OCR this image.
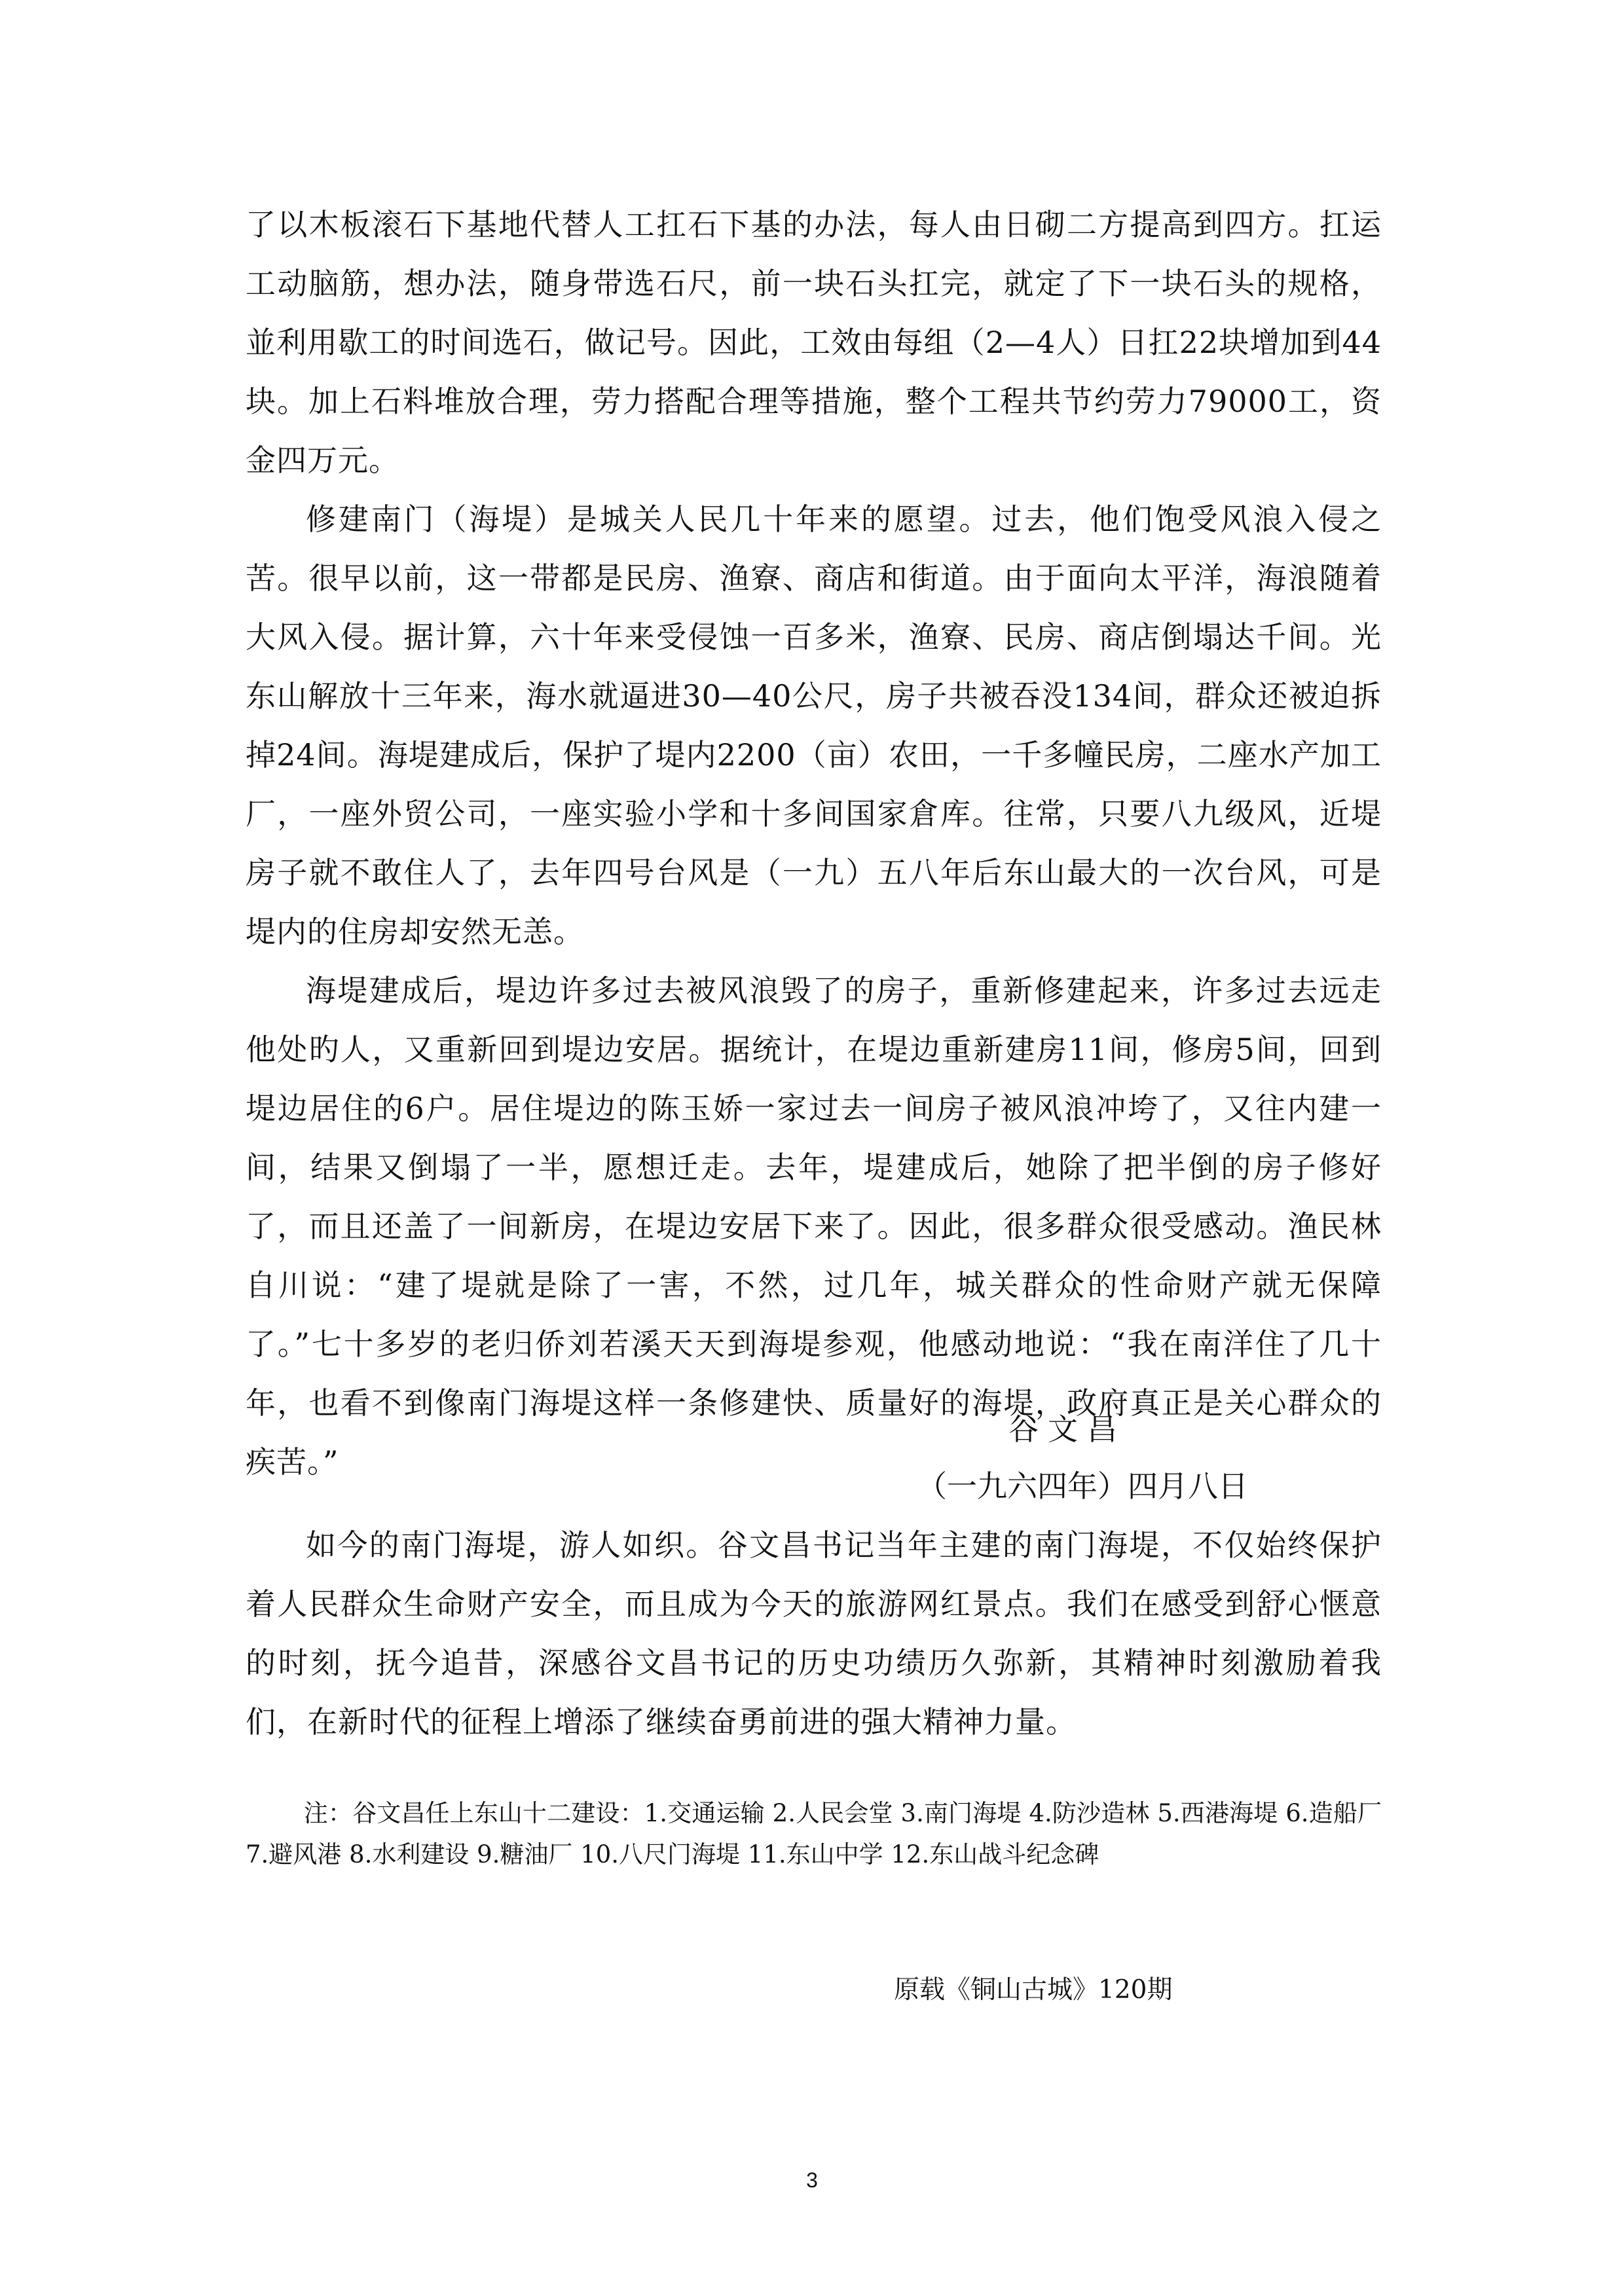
了以木板滚石下基地代替人工扛石下基的办法，每人由日砌二方提高到四方。扛运工动脑筋，想办法，随身带选石尺，前一块石头扛完，就定了下一块石头的规格，並利用歇工的时间选石，做记号。因此，工效由每组（2—4人）日扛22块增加到44块。加上石料堆放合理，劳力搭配合理等措施，整个工程共节约劳力79000工，资金四万元。

修建南门（海堤）是城关人民几十年来的愿望。过去，他们饱受风浪入侵之苦。很早以前，这一带都是民房、渔寮、商店和街道。由于面向太平洋，海浪随着大风入侵。据计算，六十年来受侵蚀一百多米，渔寮、民房、商店倒塌达千间。光东山解放十三年来，海水就逼进30—40公尺，房子共被吞没134间，群众还被迫拆掉24间。海堤建成后，保护了堤内2200（亩）农田，一千多幢民房，二座水产加工厂，一座外贸公司，一座实验小学和十多间国家倉库。往常，只要八九级风，近堤房子就不敢住人了，去年四号台风是（一九）五八年后东山最大的一次台风，可是堤内的住房却安然无恙。

海堤建成后，堤边许多过去被风浪毁了的房子，重新修建起来，许多过去远走他处旳人，又重新回到堤边安居。据统计，在堤边重新建房11间，修房5间，回到堤边居住的6户。居住堤边的陈玉娇一家过去一间房子被风浪冲垮了，又往内建一间，结果又倒塌了一半，愿想迁走。去年，堤建成后，她除了把半倒的房子修好了，而且还盖了一间新房，在堤边安居下来了。因此，很多群众很受感动。渔民林自川说：“建了堤就是除了一害，不然，过几年，城关群众的性命财产就无保障了。”七十多岁的老归侨刘若溪天天到海堤参观，他感动地说：“我在南洋住了几十年，也看不到像南门海堤这样一条修建快、质量好的海堤，政府真正是关心群众的疾苦。”

谷文昌
（一九六四年）四月八日

如今的南门海堤，游人如织。谷文昌书记当年主建的南门海堤，不仅始终保护着人民群众生命财产安全，而且成为今天的旅游网红景点。我们在感受到舒心惬意的时刻，抚今追昔，深感谷文昌书记的历史功绩历久弥新，其精神时刻激励着我们，在新时代的征程上增添了继续奋勇前进的强大精神力量。

注：谷文昌任上东山十二建设：1.交通运输 2.人民会堂 3.南门海堤 4.防沙造林 5.西港海堤 6.造船厂 7.避风港 8.水利建设 9.糖油厂 10.八尺门海堤 11.东山中学 12.东山战斗纪念碑

原载《铜山古城》120期
3
